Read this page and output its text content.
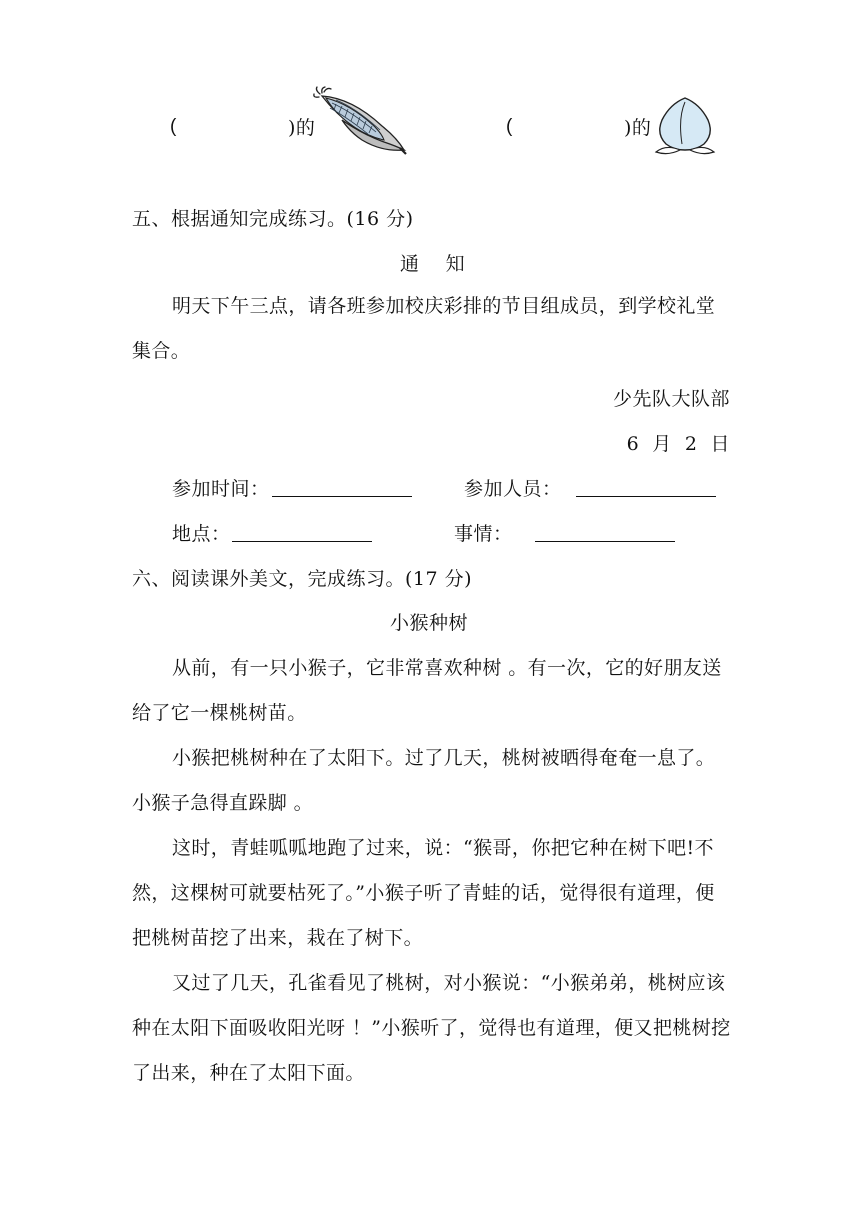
(	)的	(	)的
五、根据通知完成练习。(16 分)
通    知
明天下午三点，请各班参加校庆彩排的节目组成员，到学校礼堂集合。
少先队大队部
6  月  2  日
参加时间：	参加人员：
地点：	事情：
六、阅读课外美文，完成练习。(17 分)
小猴种树
从前，有一只小猴子，它非常喜欢种树 。有一次，它的好朋友送给了它一棵桃树苗。
小猴把桃树种在了太阳下。过了几天，桃树被晒得奄奄一息了。小猴子急得直跺脚 。
这时，青蛙呱呱地跑了过来，说：“猴哥，你把它种在树下吧!不然，这棵树可就要枯死了。”小猴子听了青蛙的话，觉得很有道理，便把桃树苗挖了出来，栽在了树下。
又过了几天，孔雀看见了桃树，对小猴说：“小猴弟弟，桃树应该种在太阳下面吸收阳光呀 ！”小猴听了，觉得也有道理，便又把桃树挖了出来，种在了太阳下面。
